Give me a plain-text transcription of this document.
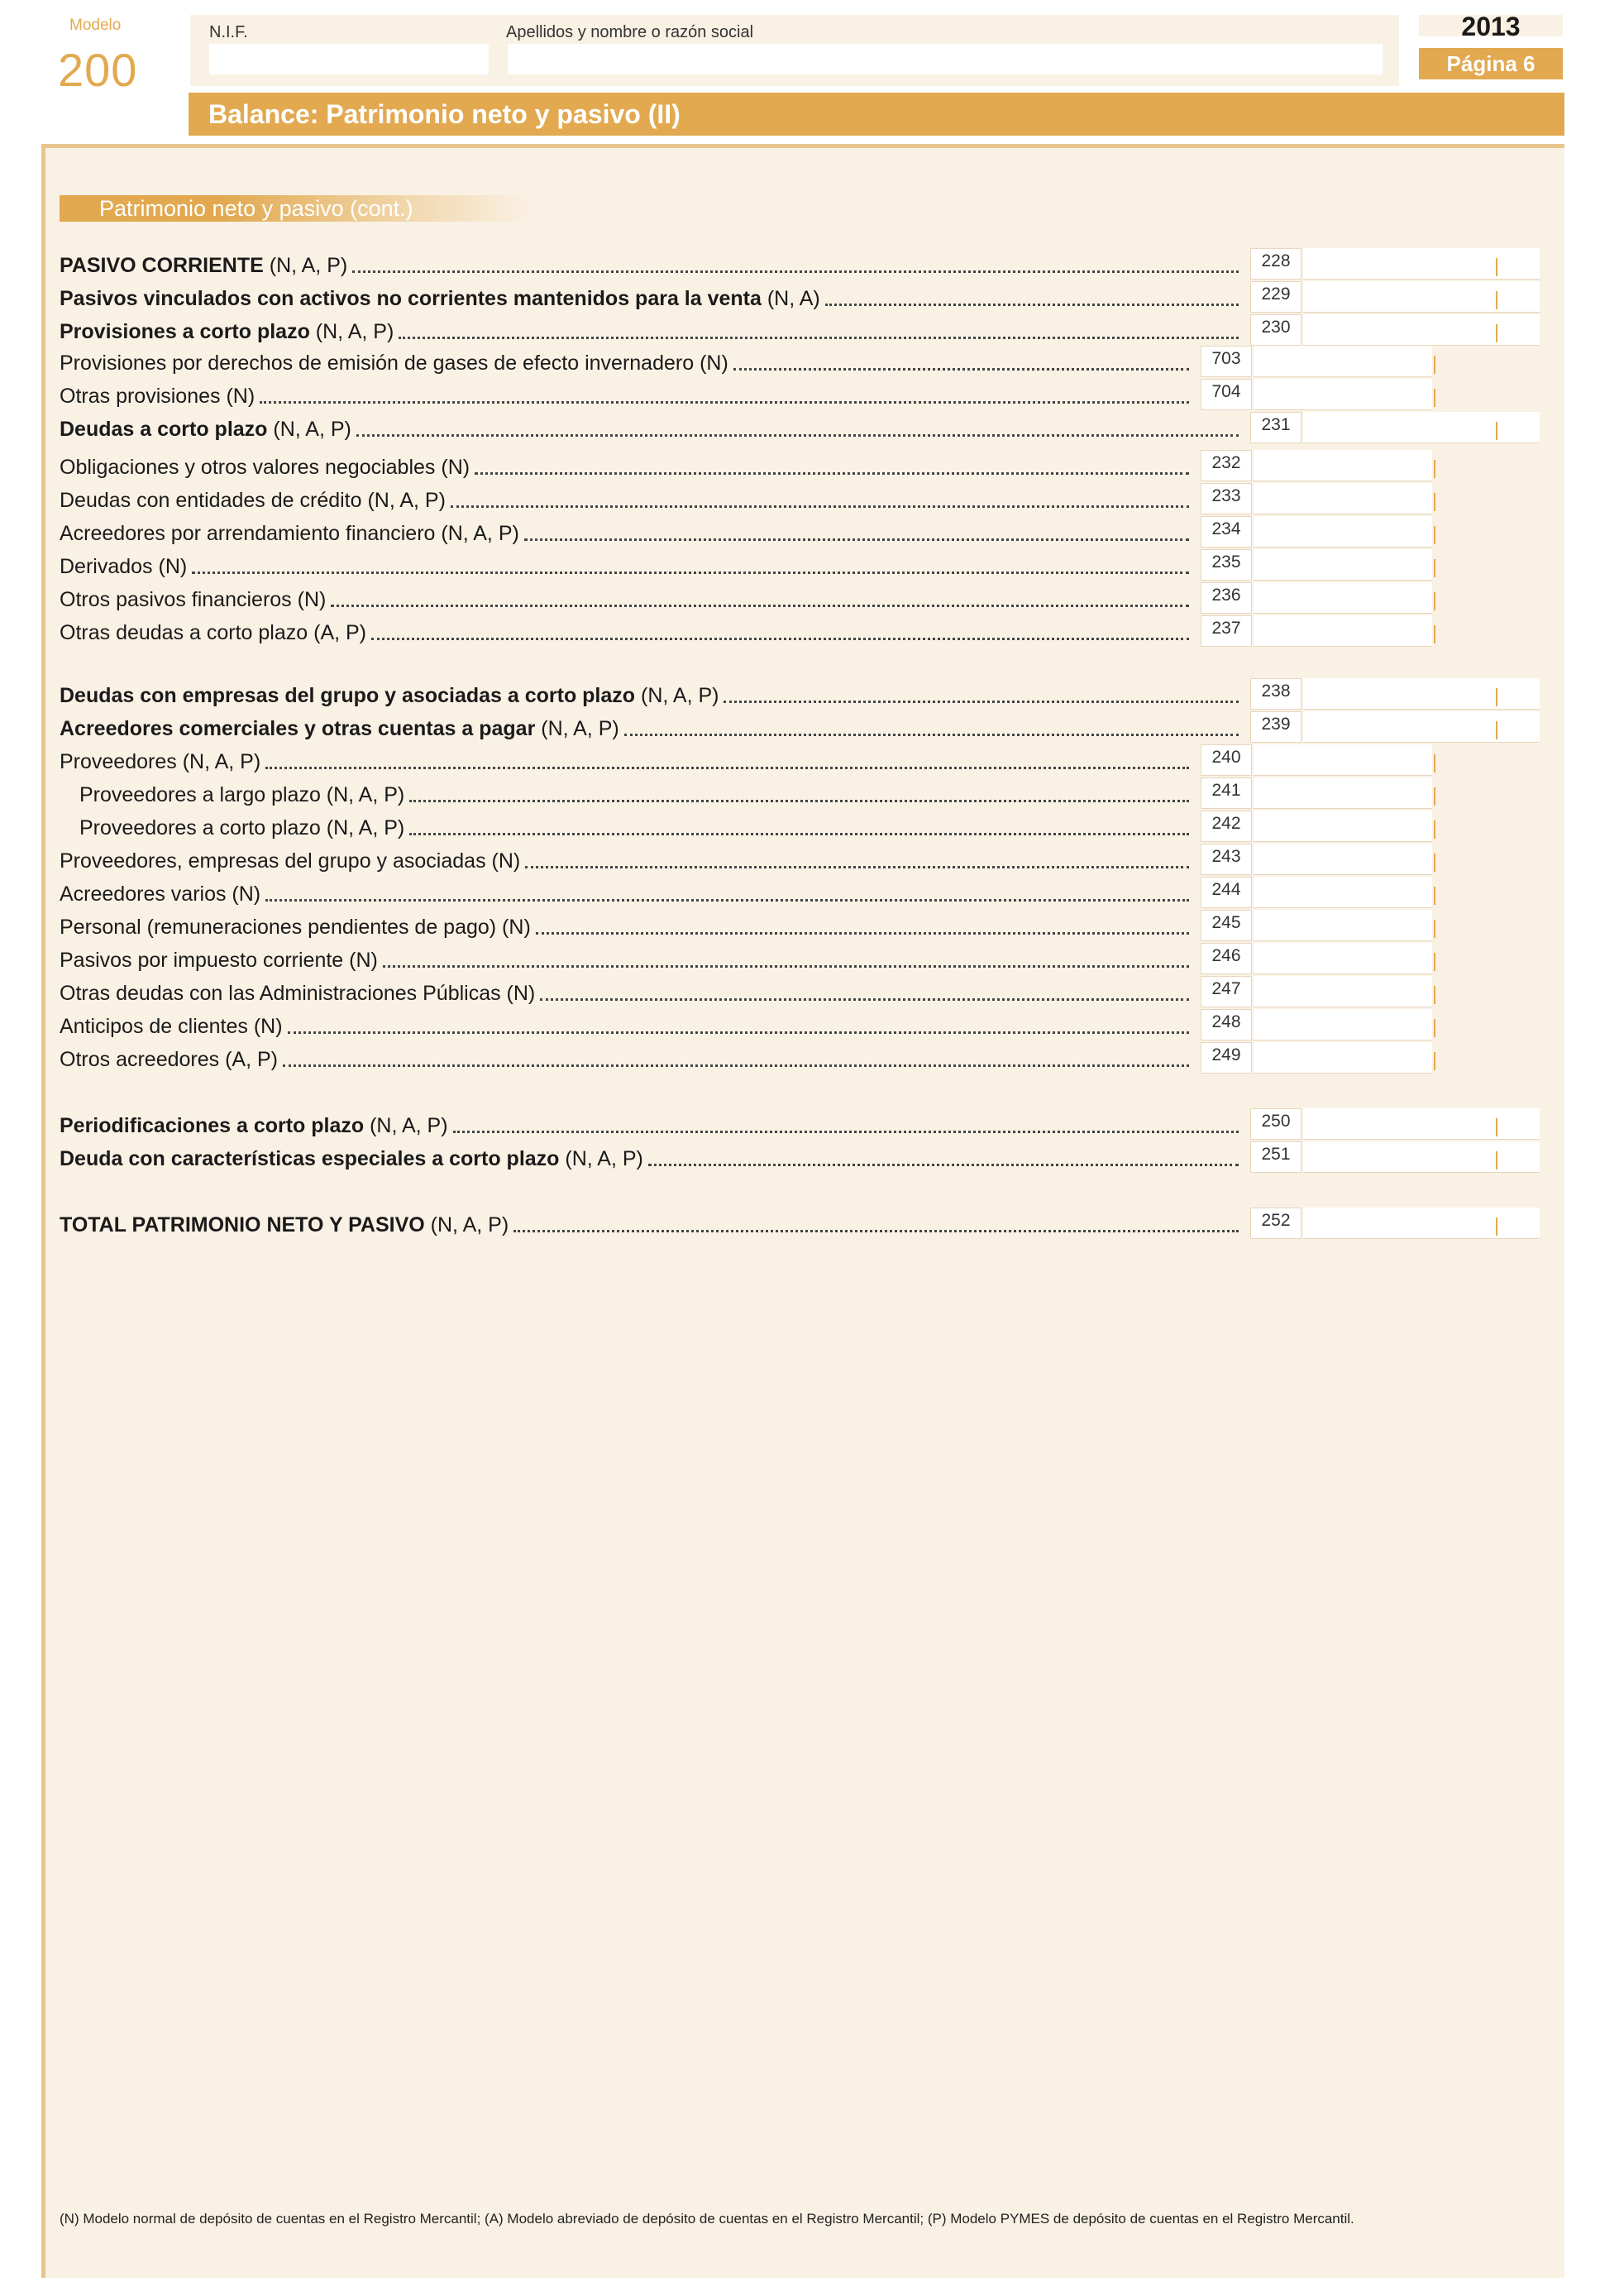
Modelo
200
N.I.F.	Apellidos y nombre o razón social	2013
Página 6
Balance: Patrimonio neto y pasivo (II)
Patrimonio neto y pasivo (cont.)
PASIVO CORRIENTE (N, A, P)	228
Pasivos vinculados con activos no corrientes mantenidos para la venta (N, A)	229
Provisiones a corto plazo (N, A, P)	230
Provisiones por derechos de emisión de gases de efecto invernadero (N)	703
Otras provisiones (N)	704
Deudas a corto plazo (N, A, P)	231
Obligaciones y otros valores negociables (N)	232
Deudas con entidades de crédito (N, A, P)	233
Acreedores por arrendamiento financiero (N, A, P)	234
Derivados (N)	235
Otros pasivos financieros (N)	236
Otras deudas a corto plazo (A, P)	237
Deudas con empresas del grupo y asociadas a corto plazo (N, A, P)	238
Acreedores comerciales y otras cuentas a pagar (N, A, P)	239
Proveedores (N, A, P)	240
Proveedores a largo plazo (N, A, P)	241
Proveedores a corto plazo (N, A, P)	242
Proveedores, empresas del grupo y asociadas (N)	243
Acreedores varios (N)	244
Personal (remuneraciones pendientes de pago) (N)	245
Pasivos por impuesto corriente (N)	246
Otras deudas con las Administraciones Públicas (N)	247
Anticipos de clientes (N)	248
Otros acreedores (A, P)	249
Periodificaciones a corto plazo (N, A, P)	250
Deuda con características especiales a corto plazo (N, A, P)	251
TOTAL PATRIMONIO NETO Y PASIVO (N, A, P)	252
(N) Modelo normal de depósito de cuentas en el Registro Mercantil; (A) Modelo abreviado de depósito de cuentas en el Registro Mercantil; (P) Modelo PYMES de depósito de cuentas en el Registro Mercantil.
